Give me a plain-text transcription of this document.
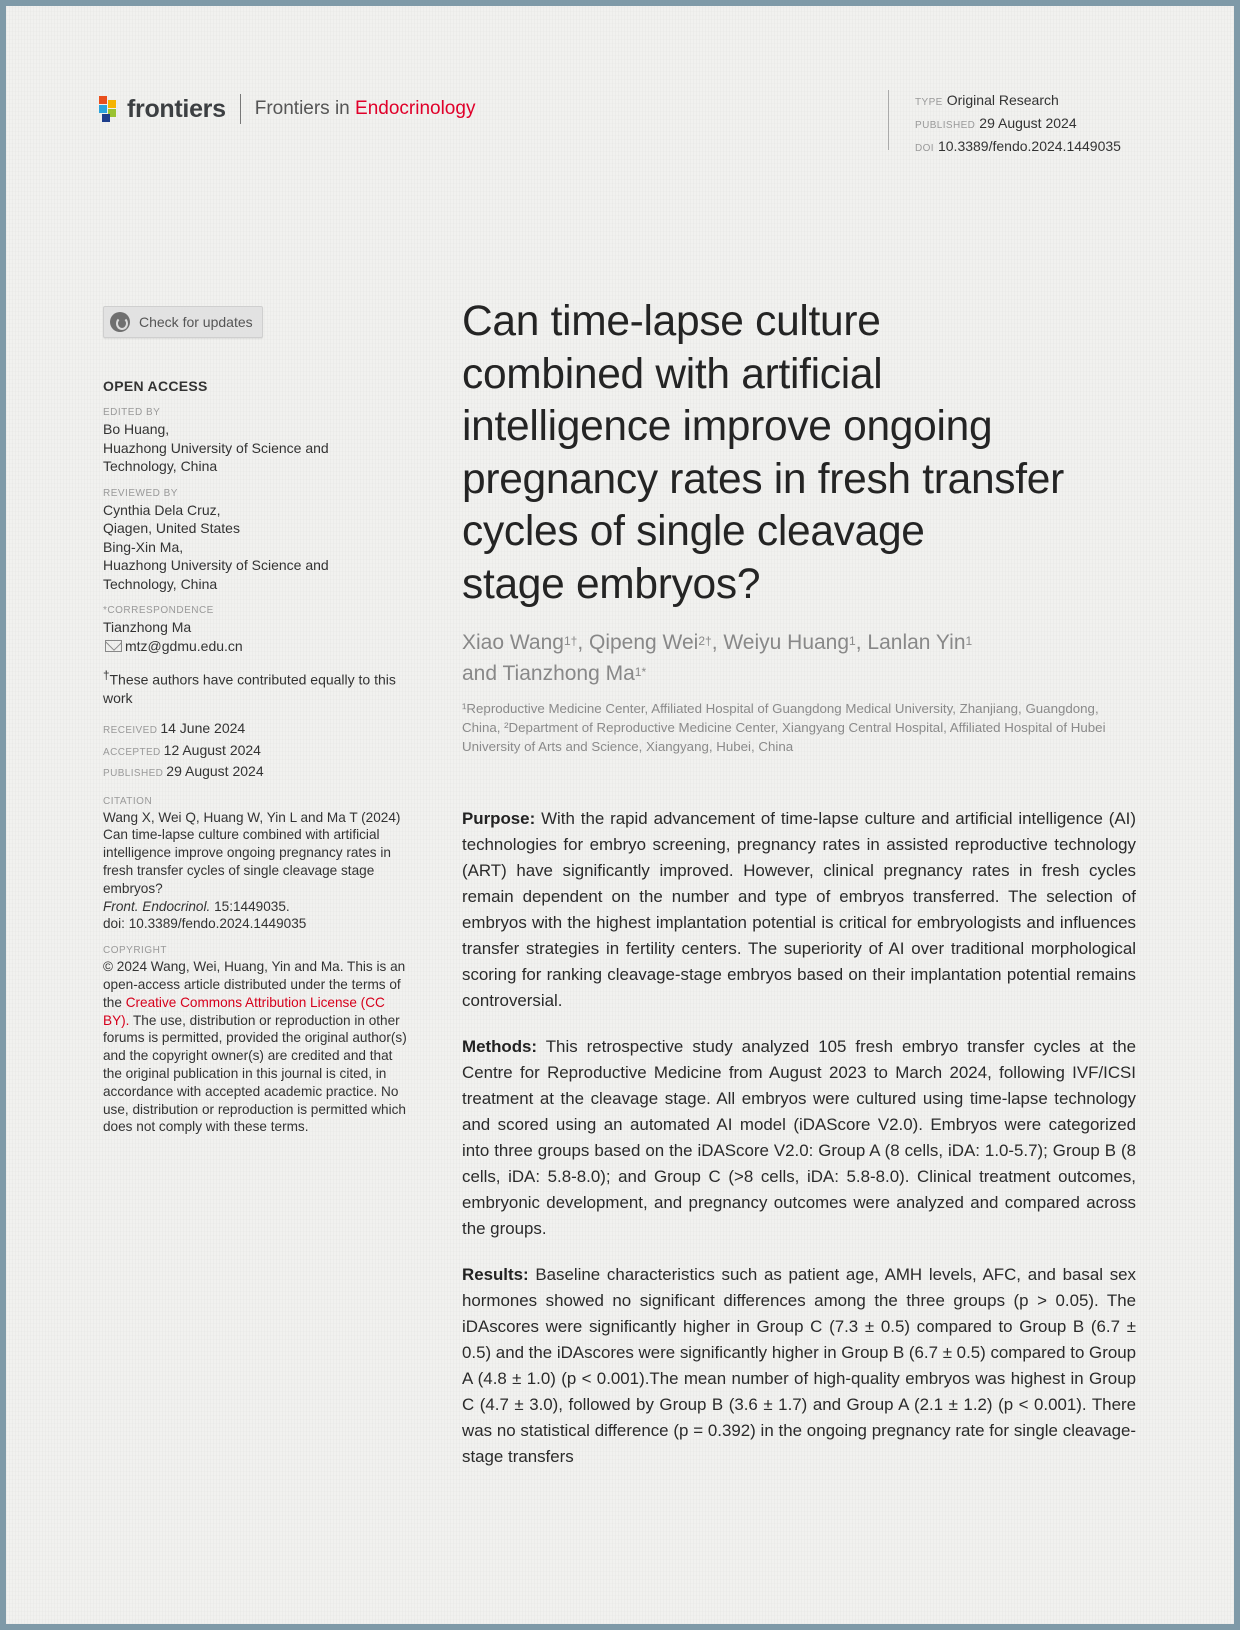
frontiers Frontiers in Endocrinology	TYPE Original Research
PUBLISHED 29 August 2024
DOI 10.3389/fendo.2024.1449035
Check for updates
OPEN ACCESS
EDITED BY
Bo Huang,
Huazhong University of Science and
Technology, China
REVIEWED BY
Cynthia Dela Cruz,
Qiagen, United States
Bing-Xin Ma,
Huazhong University of Science and
Technology, China
*CORRESPONDENCE
Tianzhong Ma
mtz@gdmu.edu.cn
†These authors have contributed equally to this work
RECEIVED 14 June 2024
ACCEPTED 12 August 2024
PUBLISHED 29 August 2024
CITATION
Wang X, Wei Q, Huang W, Yin L and Ma T (2024) Can time-lapse culture combined with artificial intelligence improve ongoing pregnancy rates in fresh transfer cycles of single cleavage stage embryos?
Front. Endocrinol. 15:1449035.
doi: 10.3389/fendo.2024.1449035
COPYRIGHT
© 2024 Wang, Wei, Huang, Yin and Ma. This is an open-access article distributed under the terms of the Creative Commons Attribution License (CC BY). The use, distribution or reproduction in other forums is permitted, provided the original author(s) and the copyright owner(s) are credited and that the original publication in this journal is cited, in accordance with accepted academic practice. No use, distribution or reproduction is permitted which does not comply with these terms.
Can time-lapse culture
combined with artificial
intelligence improve ongoing
pregnancy rates in fresh transfer
cycles of single cleavage
stage embryos?
Xiao Wang$^{1\dagger}$, Qipeng Wei$^{2\dagger}$, Weiyu Huang$^1$, Lanlan Yin$^1$
and Tianzhong $Ma^{1*}$
¹Reproductive Medicine Center, Affiliated Hospital of Guangdong Medical University, Zhanjiang, Guangdong, China, ²Department of Reproductive Medicine Center, Xiangyang Central Hospital, Affiliated Hospital of Hubei University of Arts and Science, Xiangyang, Hubei, China

Purpose: With the rapid advancement of time-lapse culture and artificial intelligence (AI) technologies for embryo screening, pregnancy rates in assisted reproductive technology (ART) have significantly improved. However, clinical pregnancy rates in fresh cycles remain dependent on the number and type of embryos transferred. The selection of embryos with the highest implantation potential is critical for embryologists and influences transfer strategies in fertility centers. The superiority of AI over traditional morphological scoring for ranking cleavage-stage embryos based on their implantation potential remains controversial.

Methods: This retrospective study analyzed 105 fresh embryo transfer cycles at the Centre for Reproductive Medicine from August 2023 to March 2024, following IVF/ICSI treatment at the cleavage stage. All embryos were cultured using time-lapse technology and scored using an automated AI model (iDAScore V2.0). Embryos were categorized into three groups based on the iDAScore V2.0: Group A (8 cells, iDA: 1.0-5.7); Group B (8 cells, iDA: 5.8-8.0); and Group C (>8 cells, iDA: 5.8-8.0). Clinical treatment outcomes, embryonic development, and pregnancy outcomes were analyzed and compared across the groups.

Results: Baseline characteristics such as patient age, AMH levels, AFC, and basal sex hormones showed no significant differences among the three groups (p > 0.05). The iDAscores were significantly higher in Group C (7.3 ± 0.5) compared to Group B (6.7 ± 0.5) and the iDAscores were significantly higher in Group B (6.7 ± 0.5) compared to Group A (4.8 ± 1.0) (p < 0.001).The mean number of high-quality embryos was highest in Group C (4.7 ± 3.0), followed by Group B (3.6 ± 1.7) and Group A (2.1 ± 1.2) (p < 0.001). There was no statistical difference (p = 0.392) in the ongoing pregnancy rate for single cleavage-stage transfers
